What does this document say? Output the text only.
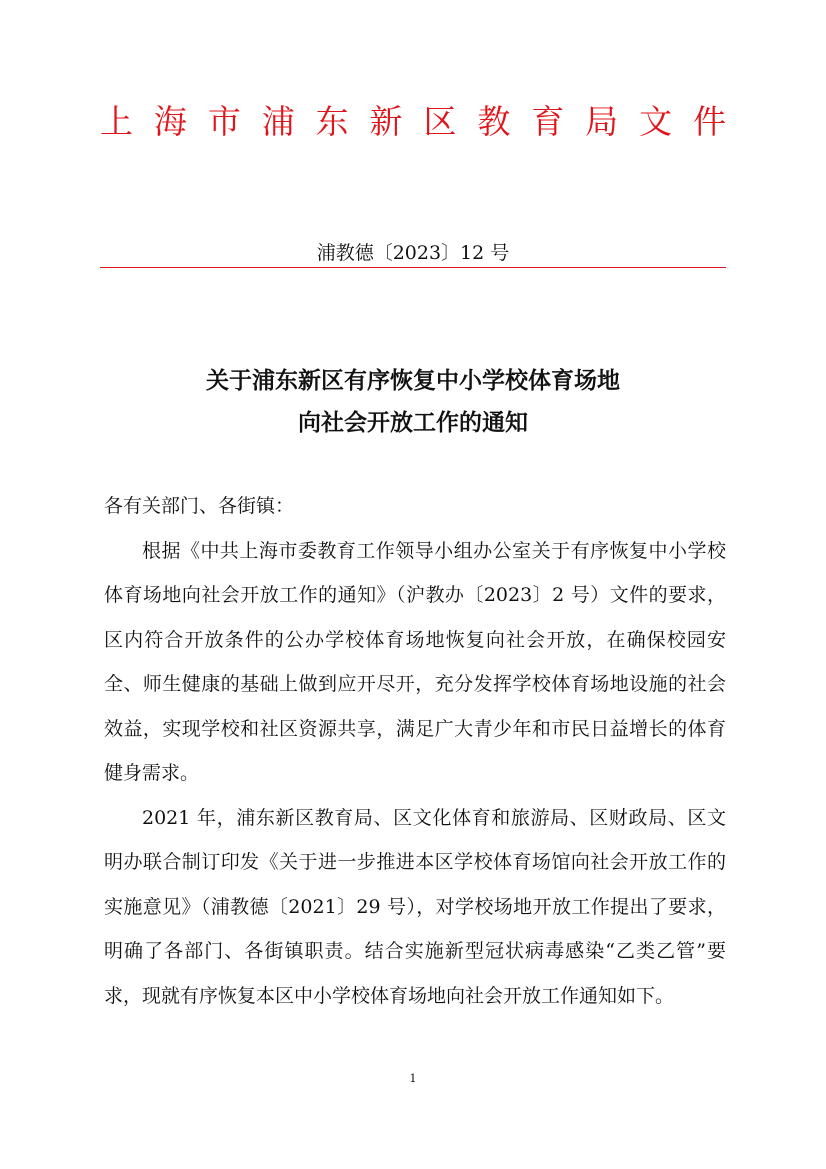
上 海 市 浦 东 新 区 教 育 局 文 件
浦教德〔2023〕12 号
关于浦东新区有序恢复中小学校体育场地
向社会开放工作的通知

各有关部门、各街镇：

根据《中共上海市委教育工作领导小组办公室关于有序恢复中小学校体育场地向社会开放工作的通知》（沪教办〔2023〕2 号）文件的要求，区内符合开放条件的公办学校体育场地恢复向社会开放，在确保校园安全、师生健康的基础上做到应开尽开，充分发挥学校体育场地设施的社会效益，实现学校和社区资源共享，满足广大青少年和市民日益增长的体育健身需求。

2021 年，浦东新区教育局、区文化体育和旅游局、区财政局、区文明办联合制订印发《关于进一步推进本区学校体育场馆向社会开放工作的实施意见》（浦教德〔2021〕29 号），对学校场地开放工作提出了要求，明确了各部门、各街镇职责。结合实施新型冠状病毒感染“乙类乙管”要求，现就有序恢复本区中小学校体育场地向社会开放工作通知如下。

1
